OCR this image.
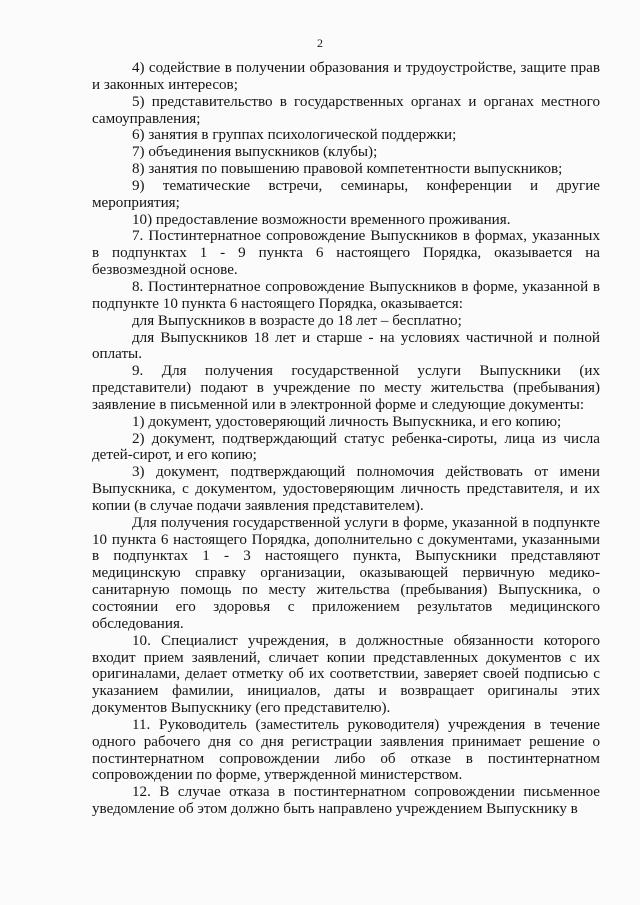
2

4) содействие в получении образования и трудоустройстве, защите прав и законных интересов;

5) представительство в государственных органах и органах местного самоуправления;

6) занятия в группах психологической поддержки;

7) объединения выпускников (клубы);

8) занятия по повышению правовой компетентности выпускников;

9) тематические встречи, семинары, конференции и другие мероприятия;

10) предоставление возможности временного проживания.

7. Постинтернатное сопровождение Выпускников в формах, указанных в подпунктах 1 - 9 пункта 6 настоящего Порядка, оказывается на безвозмездной основе.

8. Постинтернатное сопровождение Выпускников в форме, указанной в подпункте 10 пункта 6 настоящего Порядка, оказывается:

для Выпускников в возрасте до 18 лет – бесплатно;

для Выпускников 18 лет и старше - на условиях частичной и полной оплаты.

9. Для получения государственной услуги Выпускники (их представители) подают в учреждение по месту жительства (пребывания) заявление в письменной или в электронной форме и следующие документы:

1) документ, удостоверяющий личность Выпускника, и его копию;

2) документ, подтверждающий статус ребенка-сироты, лица из числа детей-сирот, и его копию;

3) документ, подтверждающий полномочия действовать от имени Выпускника, с документом, удостоверяющим личность представителя, и их копии (в случае подачи заявления представителем).

Для получения государственной услуги в форме, указанной в подпункте 10 пункта 6 настоящего Порядка, дополнительно с документами, указанными в подпунктах 1 - 3 настоящего пункта, Выпускники представляют медицинскую справку организации, оказывающей первичную медико-санитарную помощь по месту жительства (пребывания) Выпускника, о состоянии его здоровья с приложением результатов медицинского обследования.

10. Специалист учреждения, в должностные обязанности которого входит прием заявлений, сличает копии представленных документов с их оригиналами, делает отметку об их соответствии, заверяет своей подписью с указанием фамилии, инициалов, даты и возвращает оригиналы этих документов Выпускнику (его представителю).

11. Руководитель (заместитель руководителя) учреждения в течение одного рабочего дня со дня регистрации заявления принимает решение о постинтернатном сопровождении либо об отказе в постинтернатном сопровождении по форме, утвержденной министерством.

12. В случае отказа в постинтернатном сопровождении письменное уведомление об этом должно быть направлено учреждением Выпускнику в
